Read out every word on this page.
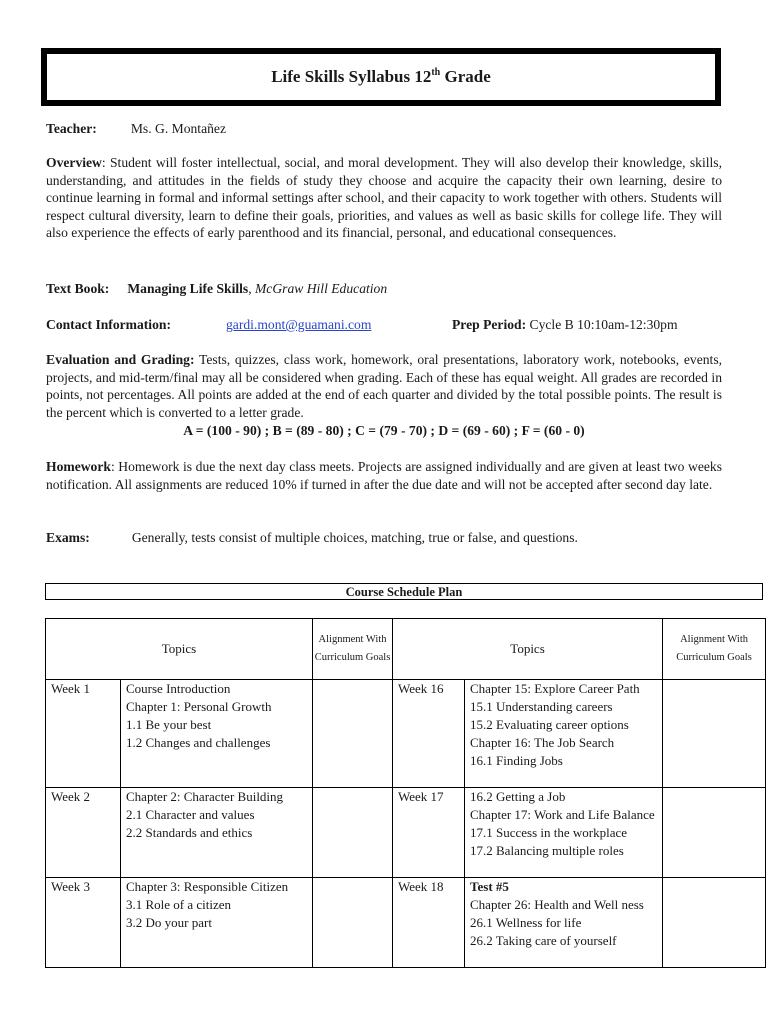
Life Skills Syllabus 12th Grade
Teacher:	Ms. G. Montañez
Overview: Student will foster intellectual, social, and moral development. They will also develop their knowledge, skills, understanding, and attitudes in the fields of study they choose and acquire the capacity their own learning, desire to continue learning in formal and informal settings after school, and their capacity to work together with others. Students will respect cultural diversity, learn to define their goals, priorities, and values as well as basic skills for college life. They will also experience the effects of early parenthood and its financial, personal, and educational consequences.
Text Book: Managing Life Skills, McGraw Hill Education
Contact Information:	gardi.mont@guamani.com	Prep Period: Cycle B 10:10am-12:30pm
Evaluation and Grading: Tests, quizzes, class work, homework, oral presentations, laboratory work, notebooks, events, projects, and mid-term/final may all be considered when grading. Each of these has equal weight. All grades are recorded in points, not percentages. All points are added at the end of each quarter and divided by the total possible points. The result is the percent which is converted to a letter grade.
A = (100 - 90) ; B = (89 - 80) ; C = (79 - 70) ; D = (69 - 60) ; F = (60 - 0)
Homework: Homework is due the next day class meets. Projects are assigned individually and are given at least two weeks notification. All assignments are reduced 10% if turned in after the due date and will not be accepted after second day late.
Exams:	Generally, tests consist of multiple choices, matching, true or false, and questions.
Course Schedule Plan
Topics		Alignment With Curriculum Goals	Topics		Alignment With Curriculum Goals
Week 1	Course Introduction
Chapter 1: Personal Growth
1.1 Be your best
1.2 Changes and challenges		Week 16	Chapter 15: Explore Career Path
15.1 Understanding careers
15.2 Evaluating career options
Chapter 16: The Job Search
16.1 Finding Jobs	

Week 2	Chapter 2: Character Building
2.1 Character and values
2.2 Standards and ethics		Week 17	16.2 Getting a Job
Chapter 17: Work and Life Balance
17.1 Success in the workplace
17.2 Balancing multiple roles	

Week 3	Chapter 3: Responsible Citizen
3.1 Role of a citizen
3.2 Do your part		Week 18	Test #5
Chapter 26: Health and Well ness
26.1 Wellness for life
26.2 Taking care of yourself	
